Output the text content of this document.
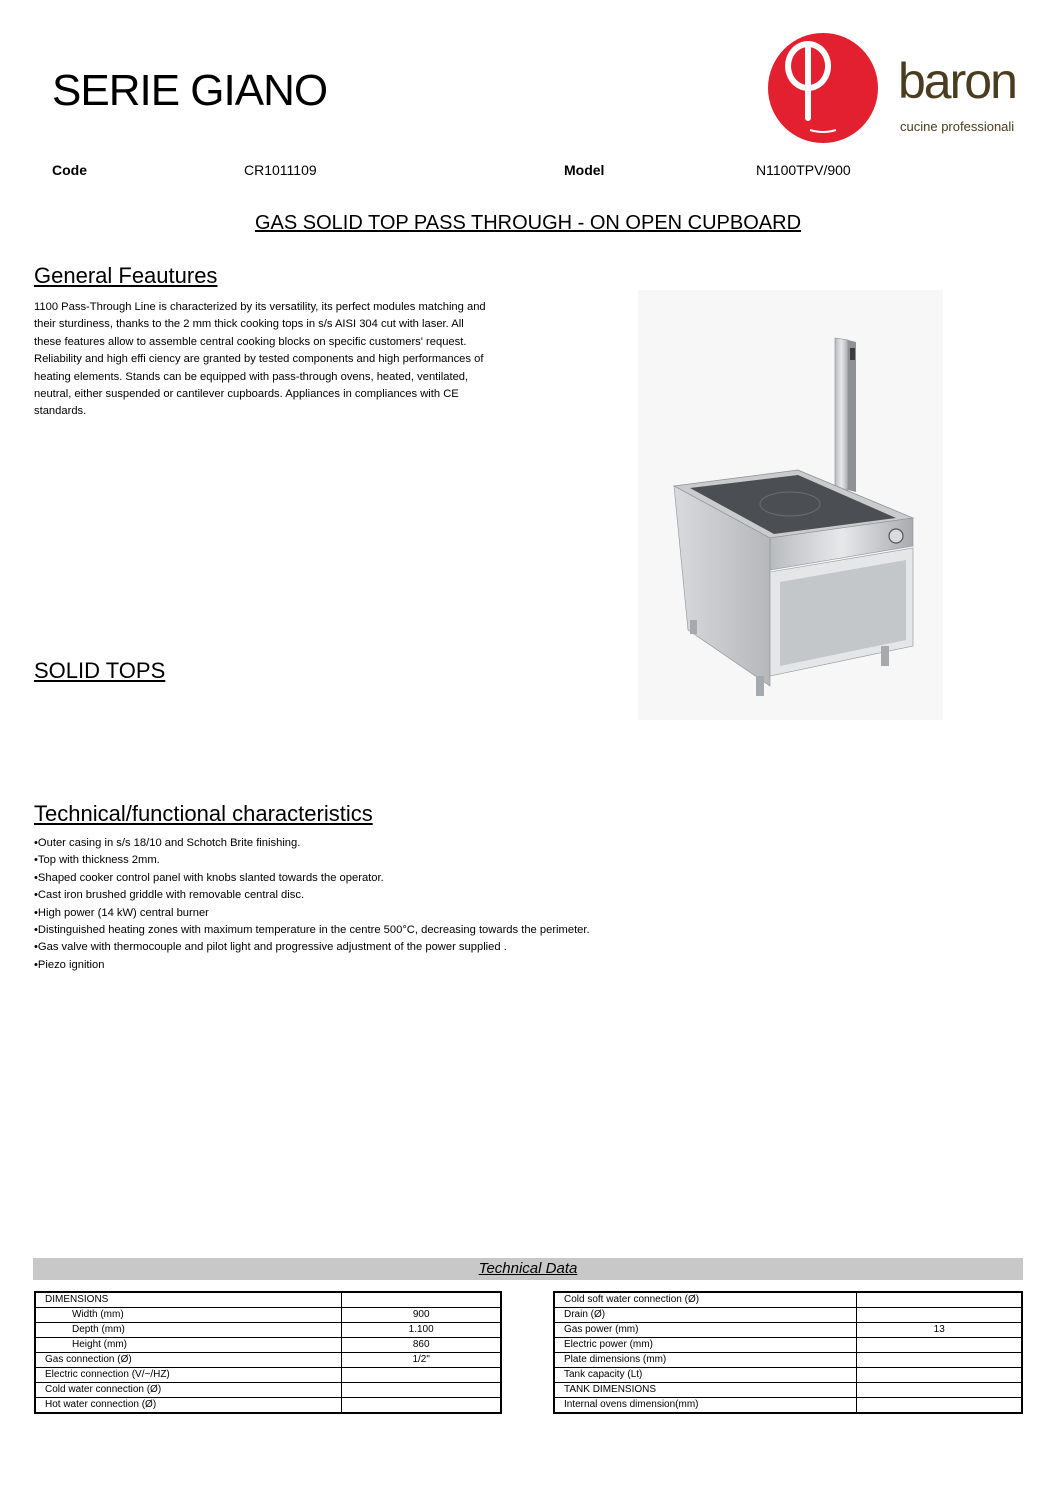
SERIE GIANO	baron
cucine professionali
Code	CR1011109	Model	N1100TPV/900
GAS SOLID TOP PASS THROUGH - ON OPEN CUPBOARD
General Feautures
1100 Pass-Through Line is characterized by its versatility, its perfect modules matching and
their sturdiness, thanks to the 2 mm thick cooking tops in s/s AISI 304 cut with laser. All
these features allow to assemble central cooking blocks on specific customers' request.
Reliability and high effi ciency are granted by tested components and high performances of
heating elements. Stands can be equipped with pass-through ovens, heated, ventilated,
neutral, either suspended or cantilever cupboards. Appliances in compliances with CE
standards.
SOLID TOPS
Technical/functional characteristics
• Outer casing in s/s 18/10 and Schotch Brite finishing.
• Top with thickness 2mm.
• Shaped cooker control panel with knobs slanted towards the operator.
• Cast iron brushed griddle with removable central disc.
• High power (14 kW) central burner
• Distinguished heating zones with maximum temperature in the centre 500°C, decreasing towards the perimeter.
• Gas valve with thermocouple and pilot light and progressive adjustment of the power supplied .
• Piezo ignition
Technical Data
DIMENSIONS	
Width (mm)	900
Depth (mm)	1.100
Height (mm)	860
Gas connection (Ø)	1/2"
Electric connection (V/~/HZ)	
Cold water connection (Ø)	
Hot water connection (Ø)	
Cold soft water connection (Ø)	
Drain (Ø)	
Gas power (mm)	13
Electric power (mm)	
Plate dimensions (mm)	
Tank capacity (Lt)	
TANK DIMENSIONS	
Internal ovens dimension(mm)	
